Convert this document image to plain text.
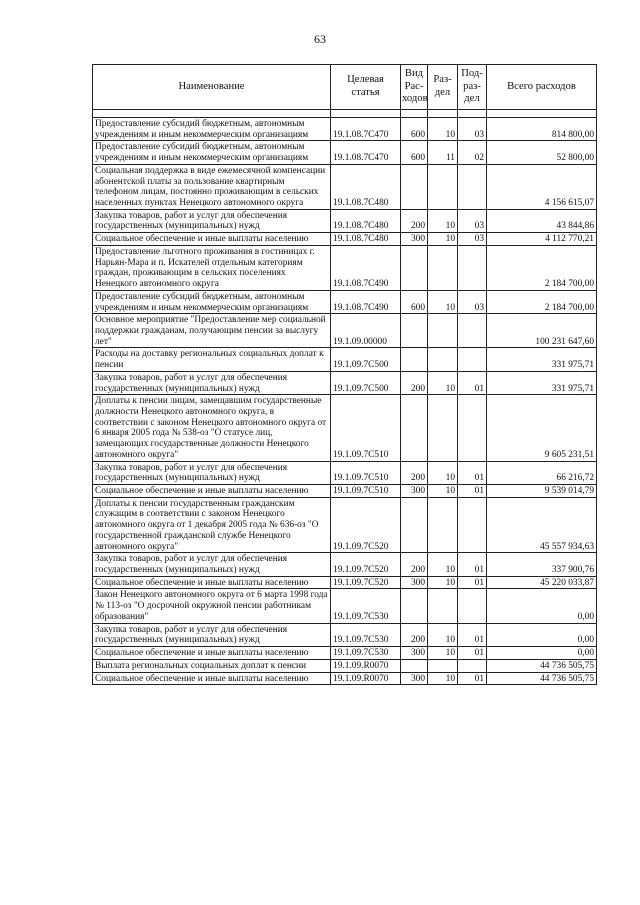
63
Наименование	Целевая статья	Вид Рас-ходов	Раз-дел	Под-раз-дел	Всего расходов

Предоставление субсидий бюджетным, автономным учреждениям и иным некоммерческим организациям	19.1.08.7С470	600	10	03	814 800,00
Предоставление субсидий бюджетным, автономным учреждениям и иным некоммерческим организациям	19.1.08.7С470	600	11	02	52 800,00
Социальная поддержка в виде ежемесячной компенсации абонентской платы за пользование квартирным телефоном лицам, постоянно проживающим в сельских населенных пунктах Ненецкого автономного округа	19.1.08.7С480				4 156 615,07
Закупка товаров, работ и услуг для обеспечения государственных (муниципальных) нужд	19.1.08.7С480	200	10	03	43 844,86
Социальное обеспечение и иные выплаты населению	19.1.08.7С480	300	10	03	4 112 770,21
Предоставление льготного проживания в гостиницах г. Нарьян-Мара и п. Искателей отдельным категориям граждан, проживающим в сельских поселениях Ненецкого автономного округа	19.1.08.7С490				2 184 700,00
Предоставление субсидий бюджетным, автономным учреждениям и иным некоммерческим организациям	19.1.08.7С490	600	10	03	2 184 700,00
Основное мероприятие "Предоставление мер социальной поддержки гражданам, получающим пенсии за выслугу лет"	19.1.09.00000				100 231 647,60
Расходы на доставку региональных социальных доплат к пенсии	19.1.09.7С500				331 975,71
Закупка товаров, работ и услуг для обеспечения государственных (муниципальных) нужд	19.1.09.7С500	200	10	01	331 975,71
Доплаты к пенсии лицам, замещавшим государственные должности Ненецкого автономного округа, в соответствии с законом Ненецкого автономного округа от 6 января 2005 года № 538-оз "О статусе лиц, замещающих государственные должности Ненецкого автономного округа"	19.1.09.7С510				9 605 231,51
Закупка товаров, работ и услуг для обеспечения государственных (муниципальных) нужд	19.1.09.7С510	200	10	01	66 216,72
Социальное обеспечение и иные выплаты населению	19.1.09.7С510	300	10	01	9 539 014,79
Доплаты к пенсии государственным гражданским служащим в соответствии с законом Ненецкого автономного округа от 1 декабря 2005 года № 636-оз "О государственной гражданской службе Ненецкого автономного округа"	19.1.09.7С520				45 557 934,63
Закупка товаров, работ и услуг для обеспечения государственных (муниципальных) нужд	19.1.09.7С520	200	10	01	337 900,76
Социальное обеспечение и иные выплаты населению	19.1.09.7С520	300	10	01	45 220 033,87
Закон Ненецкого автономного округа от 6 марта 1998 года № 113-оз "О досрочной окружной пенсии работникам образования"	19.1.09.7С530				0,00
Закупка товаров, работ и услуг для обеспечения государственных (муниципальных) нужд	19.1.09.7С530	200	10	01	0,00
Социальное обеспечение и иные выплаты населению	19.1.09.7С530	300	10	01	0,00
Выплата региональных социальных доплат к пенсии	19.1.09.R0070				44 736 505,75
Социальное обеспечение и иные выплаты населению	19.1.09.R0070	300	10	01	44 736 505,75
